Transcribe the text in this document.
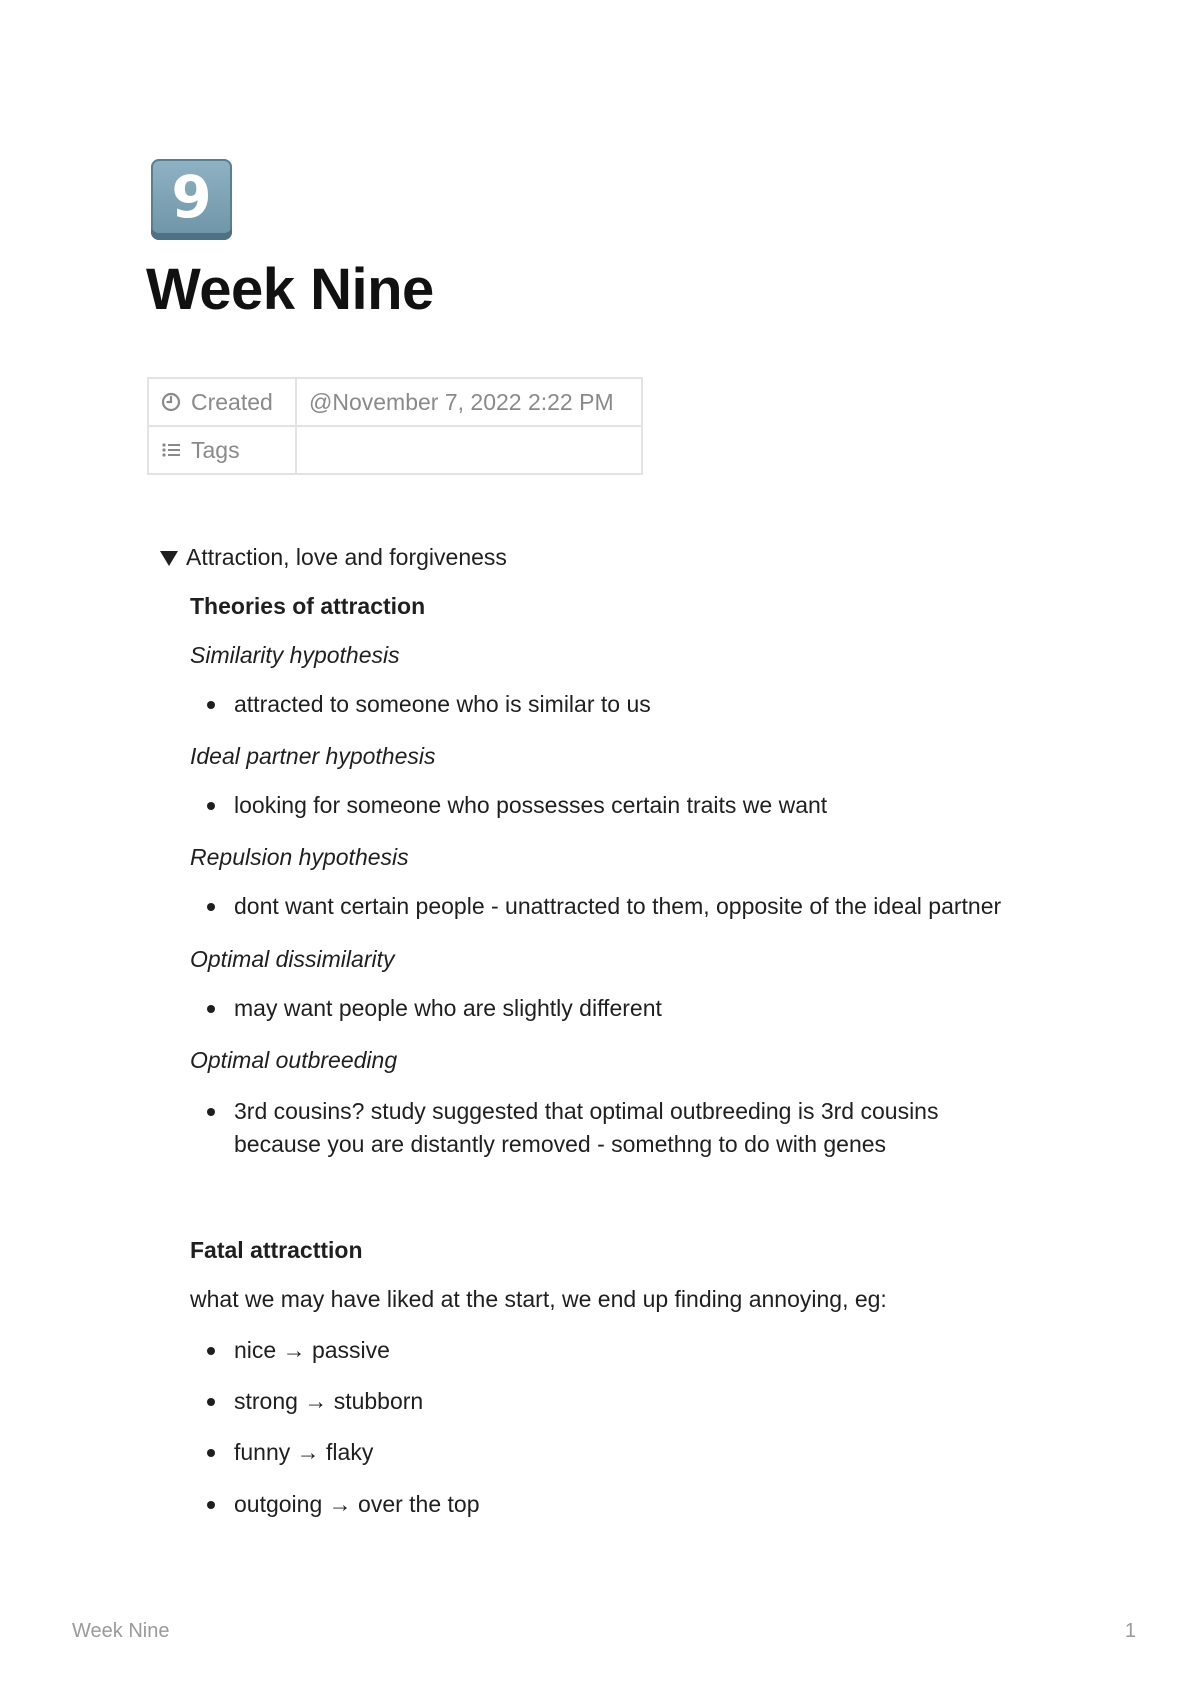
9
Week Nine
Created	@November 7, 2022 2:22 PM

Tags	

Attraction, love and forgiveness
Theories of attraction
Similarity hypothesis
attracted to someone who is similar to us
Ideal partner hypothesis
looking for someone who possesses certain traits we want
Repulsion hypothesis
dont want certain people - unattracted to them, opposite of the ideal partner
Optimal dissimilarity
may want people who are slightly different
Optimal outbreeding
3rd cousins? study suggested that optimal outbreeding is 3rd cousins
because you are distantly removed - somethng to do with genes
Fatal attracttion
what we may have liked at the start, we end up finding annoying, eg:
nice → passive
strong → stubborn
funny → flaky
outgoing → over the top
Week Nine	1
